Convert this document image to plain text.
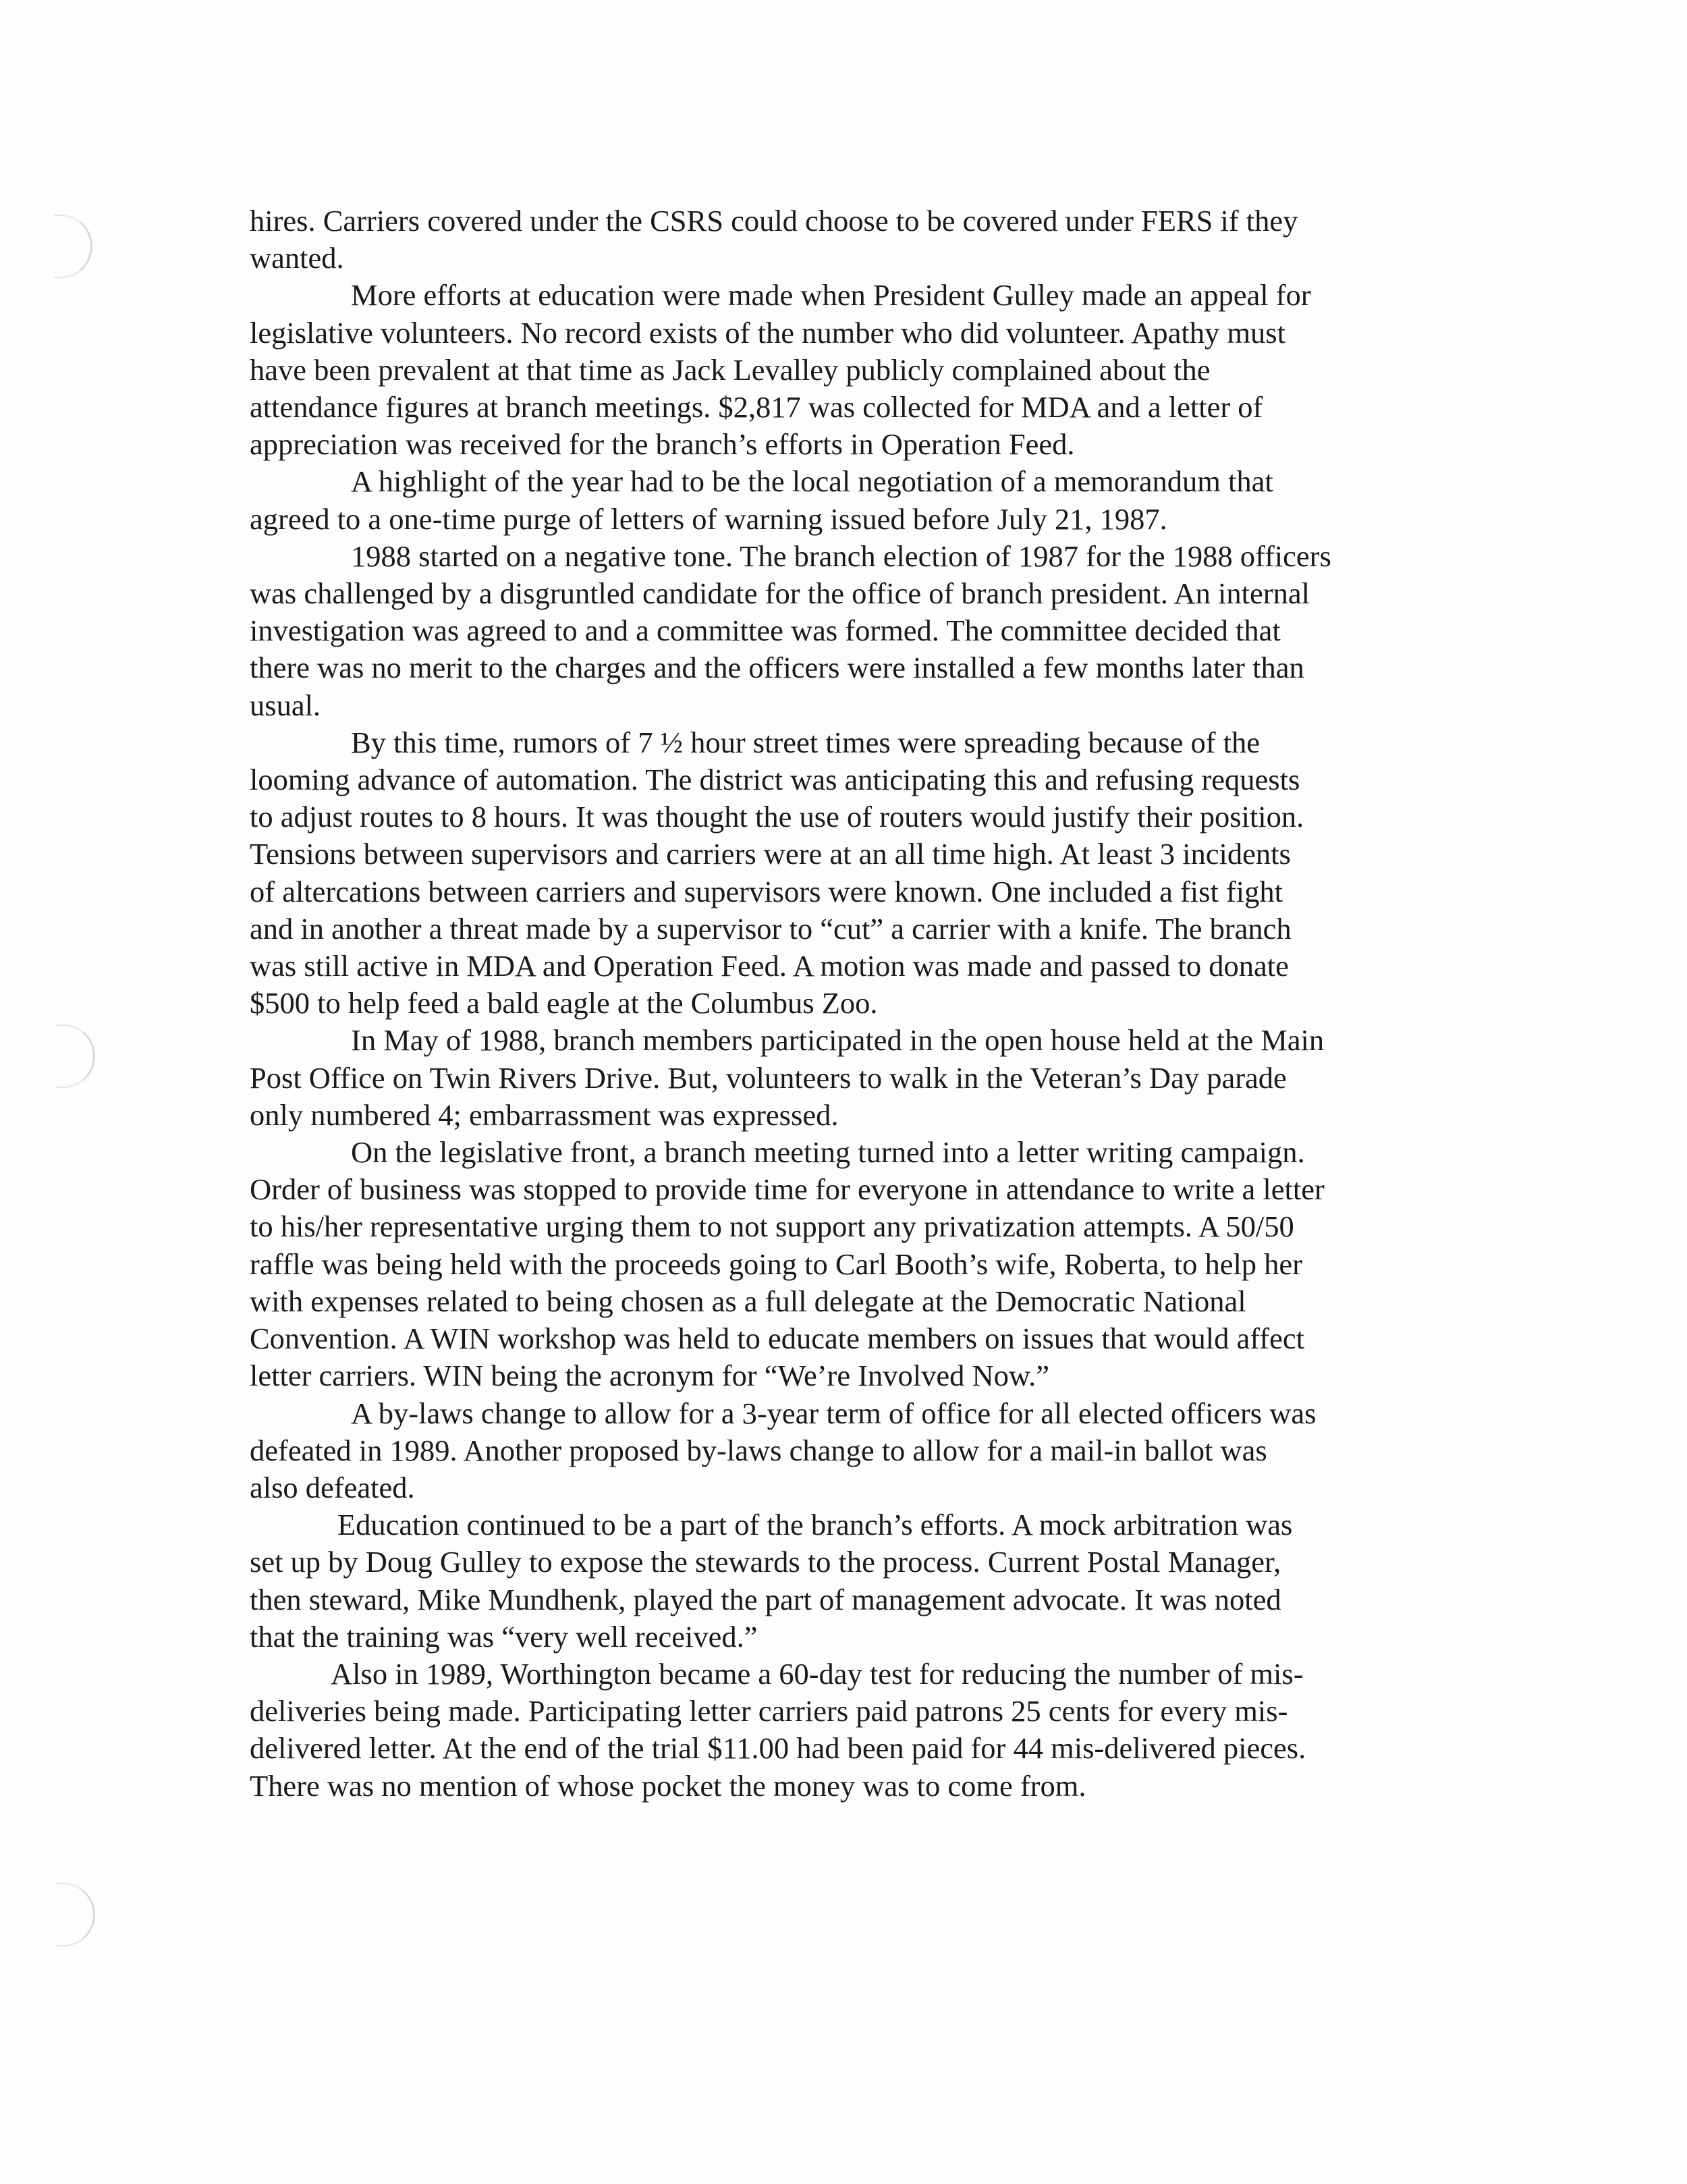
hires. Carriers covered under the CSRS could choose to be covered under FERS if they
wanted.
More efforts at education were made when President Gulley made an appeal for
legislative volunteers. No record exists of the number who did volunteer. Apathy must
have been prevalent at that time as Jack Levalley publicly complained about the
attendance figures at branch meetings. $2,817 was collected for MDA and a letter of
appreciation was received for the branch’s efforts in Operation Feed.
A highlight of the year had to be the local negotiation of a memorandum that
agreed to a one-time purge of letters of warning issued before July 21, 1987.
1988 started on a negative tone. The branch election of 1987 for the 1988 officers
was challenged by a disgruntled candidate for the office of branch president. An internal
investigation was agreed to and a committee was formed. The committee decided that
there was no merit to the charges and the officers were installed a few months later than
usual.
By this time, rumors of 7 ½ hour street times were spreading because of the
looming advance of automation. The district was anticipating this and refusing requests
to adjust routes to 8 hours. It was thought the use of routers would justify their position.
Tensions between supervisors and carriers were at an all time high. At least 3 incidents
of altercations between carriers and supervisors were known. One included a fist fight
and in another a threat made by a supervisor to “cut” a carrier with a knife. The branch
was still active in MDA and Operation Feed. A motion was made and passed to donate
$500 to help feed a bald eagle at the Columbus Zoo.
In May of 1988, branch members participated in the open house held at the Main
Post Office on Twin Rivers Drive. But, volunteers to walk in the Veteran’s Day parade
only numbered 4; embarrassment was expressed.
On the legislative front, a branch meeting turned into a letter writing campaign.
Order of business was stopped to provide time for everyone in attendance to write a letter
to his/her representative urging them to not support any privatization attempts. A 50/50
raffle was being held with the proceeds going to Carl Booth’s wife, Roberta, to help her
with expenses related to being chosen as a full delegate at the Democratic National
Convention. A WIN workshop was held to educate members on issues that would affect
letter carriers. WIN being the acronym for “We’re Involved Now.”
A by-laws change to allow for a 3-year term of office for all elected officers was
defeated in 1989. Another proposed by-laws change to allow for a mail-in ballot was
also defeated.
Education continued to be a part of the branch’s efforts. A mock arbitration was
set up by Doug Gulley to expose the stewards to the process. Current Postal Manager,
then steward, Mike Mundhenk, played the part of management advocate. It was noted
that the training was “very well received.”
Also in 1989, Worthington became a 60-day test for reducing the number of mis-
deliveries being made. Participating letter carriers paid patrons 25 cents for every mis-
delivered letter. At the end of the trial $11.00 had been paid for 44 mis-delivered pieces.
There was no mention of whose pocket the money was to come from.
